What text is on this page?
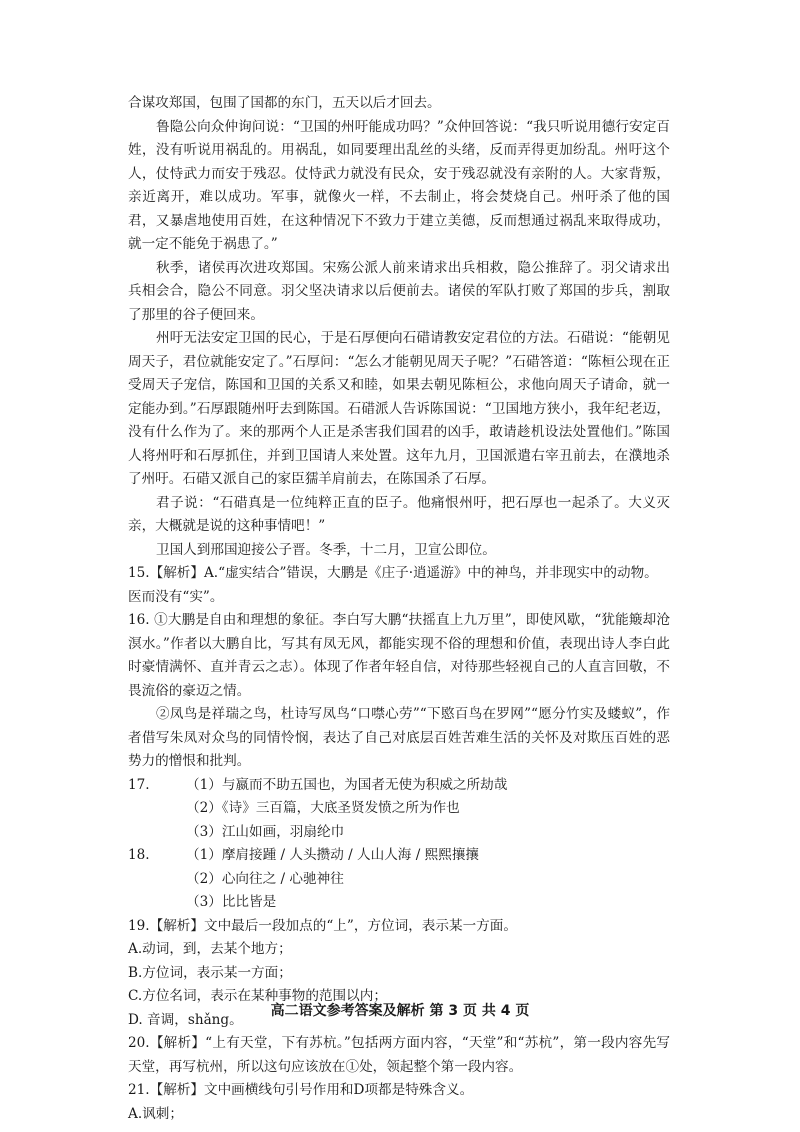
合谋攻郑国，包围了国都的东门，五天以后才回去。

鲁隐公向众仲询问说：“卫国的州吁能成功吗？”众仲回答说：“我只听说用德行安定百姓，没有听说用祸乱的。用祸乱，如同要理出乱丝的头绪，反而弄得更加纷乱。州吁这个人，仗恃武力而安于残忍。仗恃武力就没有民众，安于残忍就没有亲附的人。大家背叛，亲近离开，难以成功。军事，就像火一样，不去制止，将会焚烧自己。州吁杀了他的国君，又暴虐地使用百姓，在这种情况下不致力于建立美德，反而想通过祸乱来取得成功，就一定不能免于祸患了。”

秋季，诸侯再次进攻郑国。宋殇公派人前来请求出兵相救，隐公推辞了。羽父请求出兵相会合，隐公不同意。羽父坚决请求以后便前去。诸侯的军队打败了郑国的步兵，割取了那里的谷子便回来。

州吁无法安定卫国的民心，于是石厚便向石碏请教安定君位的方法。石碏说：“能朝见周天子，君位就能安定了。”石厚问：“怎么才能朝见周天子呢？”石碏答道：“陈桓公现在正受周天子宠信，陈国和卫国的关系又和睦，如果去朝见陈桓公，求他向周天子请命，就一定能办到。”石厚跟随州吁去到陈国。石碏派人告诉陈国说：“卫国地方狭小，我年纪老迈，没有什么作为了。来的那两个人正是杀害我们国君的凶手，敢请趁机设法处置他们。”陈国人将州吁和石厚抓住，并到卫国请人来处置。这年九月，卫国派遣右宰丑前去，在濮地杀了州吁。石碏又派自己的家臣獳羊肩前去，在陈国杀了石厚。

君子说：“石碏真是一位纯粹正直的臣子。他痛恨州吁，把石厚也一起杀了。大义灭亲，大概就是说的这种事情吧！”

卫国人到邢国迎接公子晋。冬季，十二月，卫宣公即位。

15.【解析】A.“虚实结合”错误，大鹏是《庄子·逍遥游》中的神鸟，并非现实中的动物。

医而没有“实”。

16. ①大鹏是自由和理想的象征。李白写大鹏“扶摇直上九万里”，即使风歇，“犹能簸却沧溟水。”作者以大鹏自比，写其有凤无风，都能实现不俗的理想和价值，表现出诗人李白此时豪情满怀、直并青云之志）。体现了作者年轻自信，对待那些轻视自己的人直言回敬，不畏流俗的豪迈之情。

②凤鸟是祥瑞之鸟，杜诗写凤鸟“口噤心劳”“下愍百鸟在罗网”“愿分竹实及蝼蚁”，作者借写朱凤对众鸟的同情怜悯，表达了自己对底层百姓苦难生活的关怀及对欺压百姓的恶势力的憎恨和批判。

17.	（1）与嬴而不助五国也，为国者无使为积威之所劫哉

（2）《诗》三百篇，大底圣贤发愤之所为作也

（3）江山如画，羽扇纶巾

18.	（1）摩肩接踵 / 人头攒动 / 人山人海 / 熙熙攘攘

（2）心向往之 / 心驰神往

（3）比比皆是

19.【解析】文中最后一段加点的“上”，方位词，表示某一方面。

A.动词，到，去某个地方；

B.方位词，表示某一方面；

C.方位名词，表示在某种事物的范围以内；

D. 音调，shǎng。

20.【解析】“上有天堂，下有苏杭。”包括两方面内容，“天堂”和“苏杭”，第一段内容先写天堂，再写杭州，所以这句应该放在①处，领起整个第一段内容。

21.【解析】文中画横线句引号作用和D项都是特殊含义。

A.讽刺；

高二语文参考答案及解析 第 3 页 共 4 页
